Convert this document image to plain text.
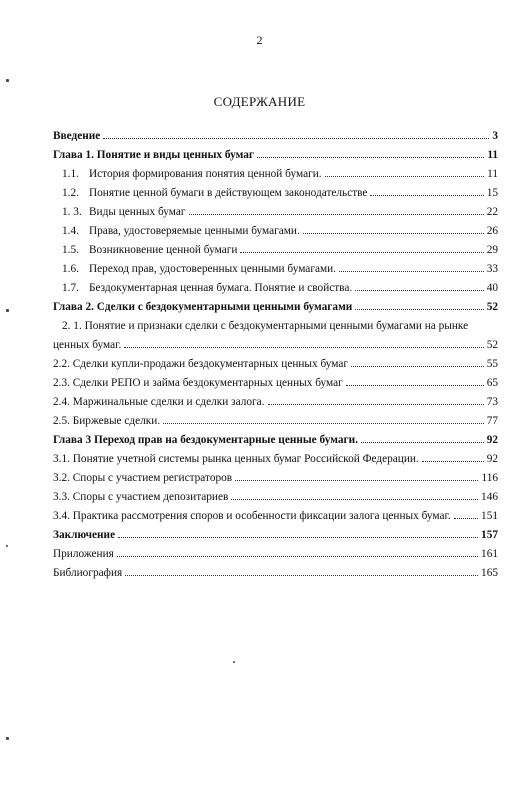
2
СОДЕРЖАНИЕ
Введение	3
Глава 1. Понятие и виды ценных бумаг	11
1.1. История формирования понятия ценной бумаги.	11
1.2. Понятие ценной бумаги в действующем законодательстве	15
1. 3. Виды ценных бумаг	22
1.4. Права, удостоверяемые ценными бумагами.	26
1.5. Возникновение ценной бумаги	29
1.6. Переход прав, удостоверенных ценными бумагами.	33
1.7. Бездокументарная ценная бумага. Понятие и свойства.	40
Глава 2. Сделки с бездокументарными ценными бумагами	52
2. 1. Понятие и признаки сделки с бездокументарными ценными бумагами на рынке
ценных бумаг.	52
2.2. Сделки купли-продажи бездокументарных ценных бумаг	55
2.3. Сделки РЕПО и займа бездокументарных ценных бумаг	65
2.4. Маржинальные сделки и сделки залога.	73
2.5. Биржевые сделки.	77
Глава 3 Переход прав на бездокументарные ценные бумаги.	92
3.1. Понятие учетной системы рынка ценных бумаг Российской Федерации.	92
3.2. Споры с участием регистраторов	116
3.3. Споры с участием депозитариев	146
3.4. Практика рассмотрения споров и особенности фиксации залога ценных бумаг.	151
Заключение	157
Приложения	161
Библиография	165
